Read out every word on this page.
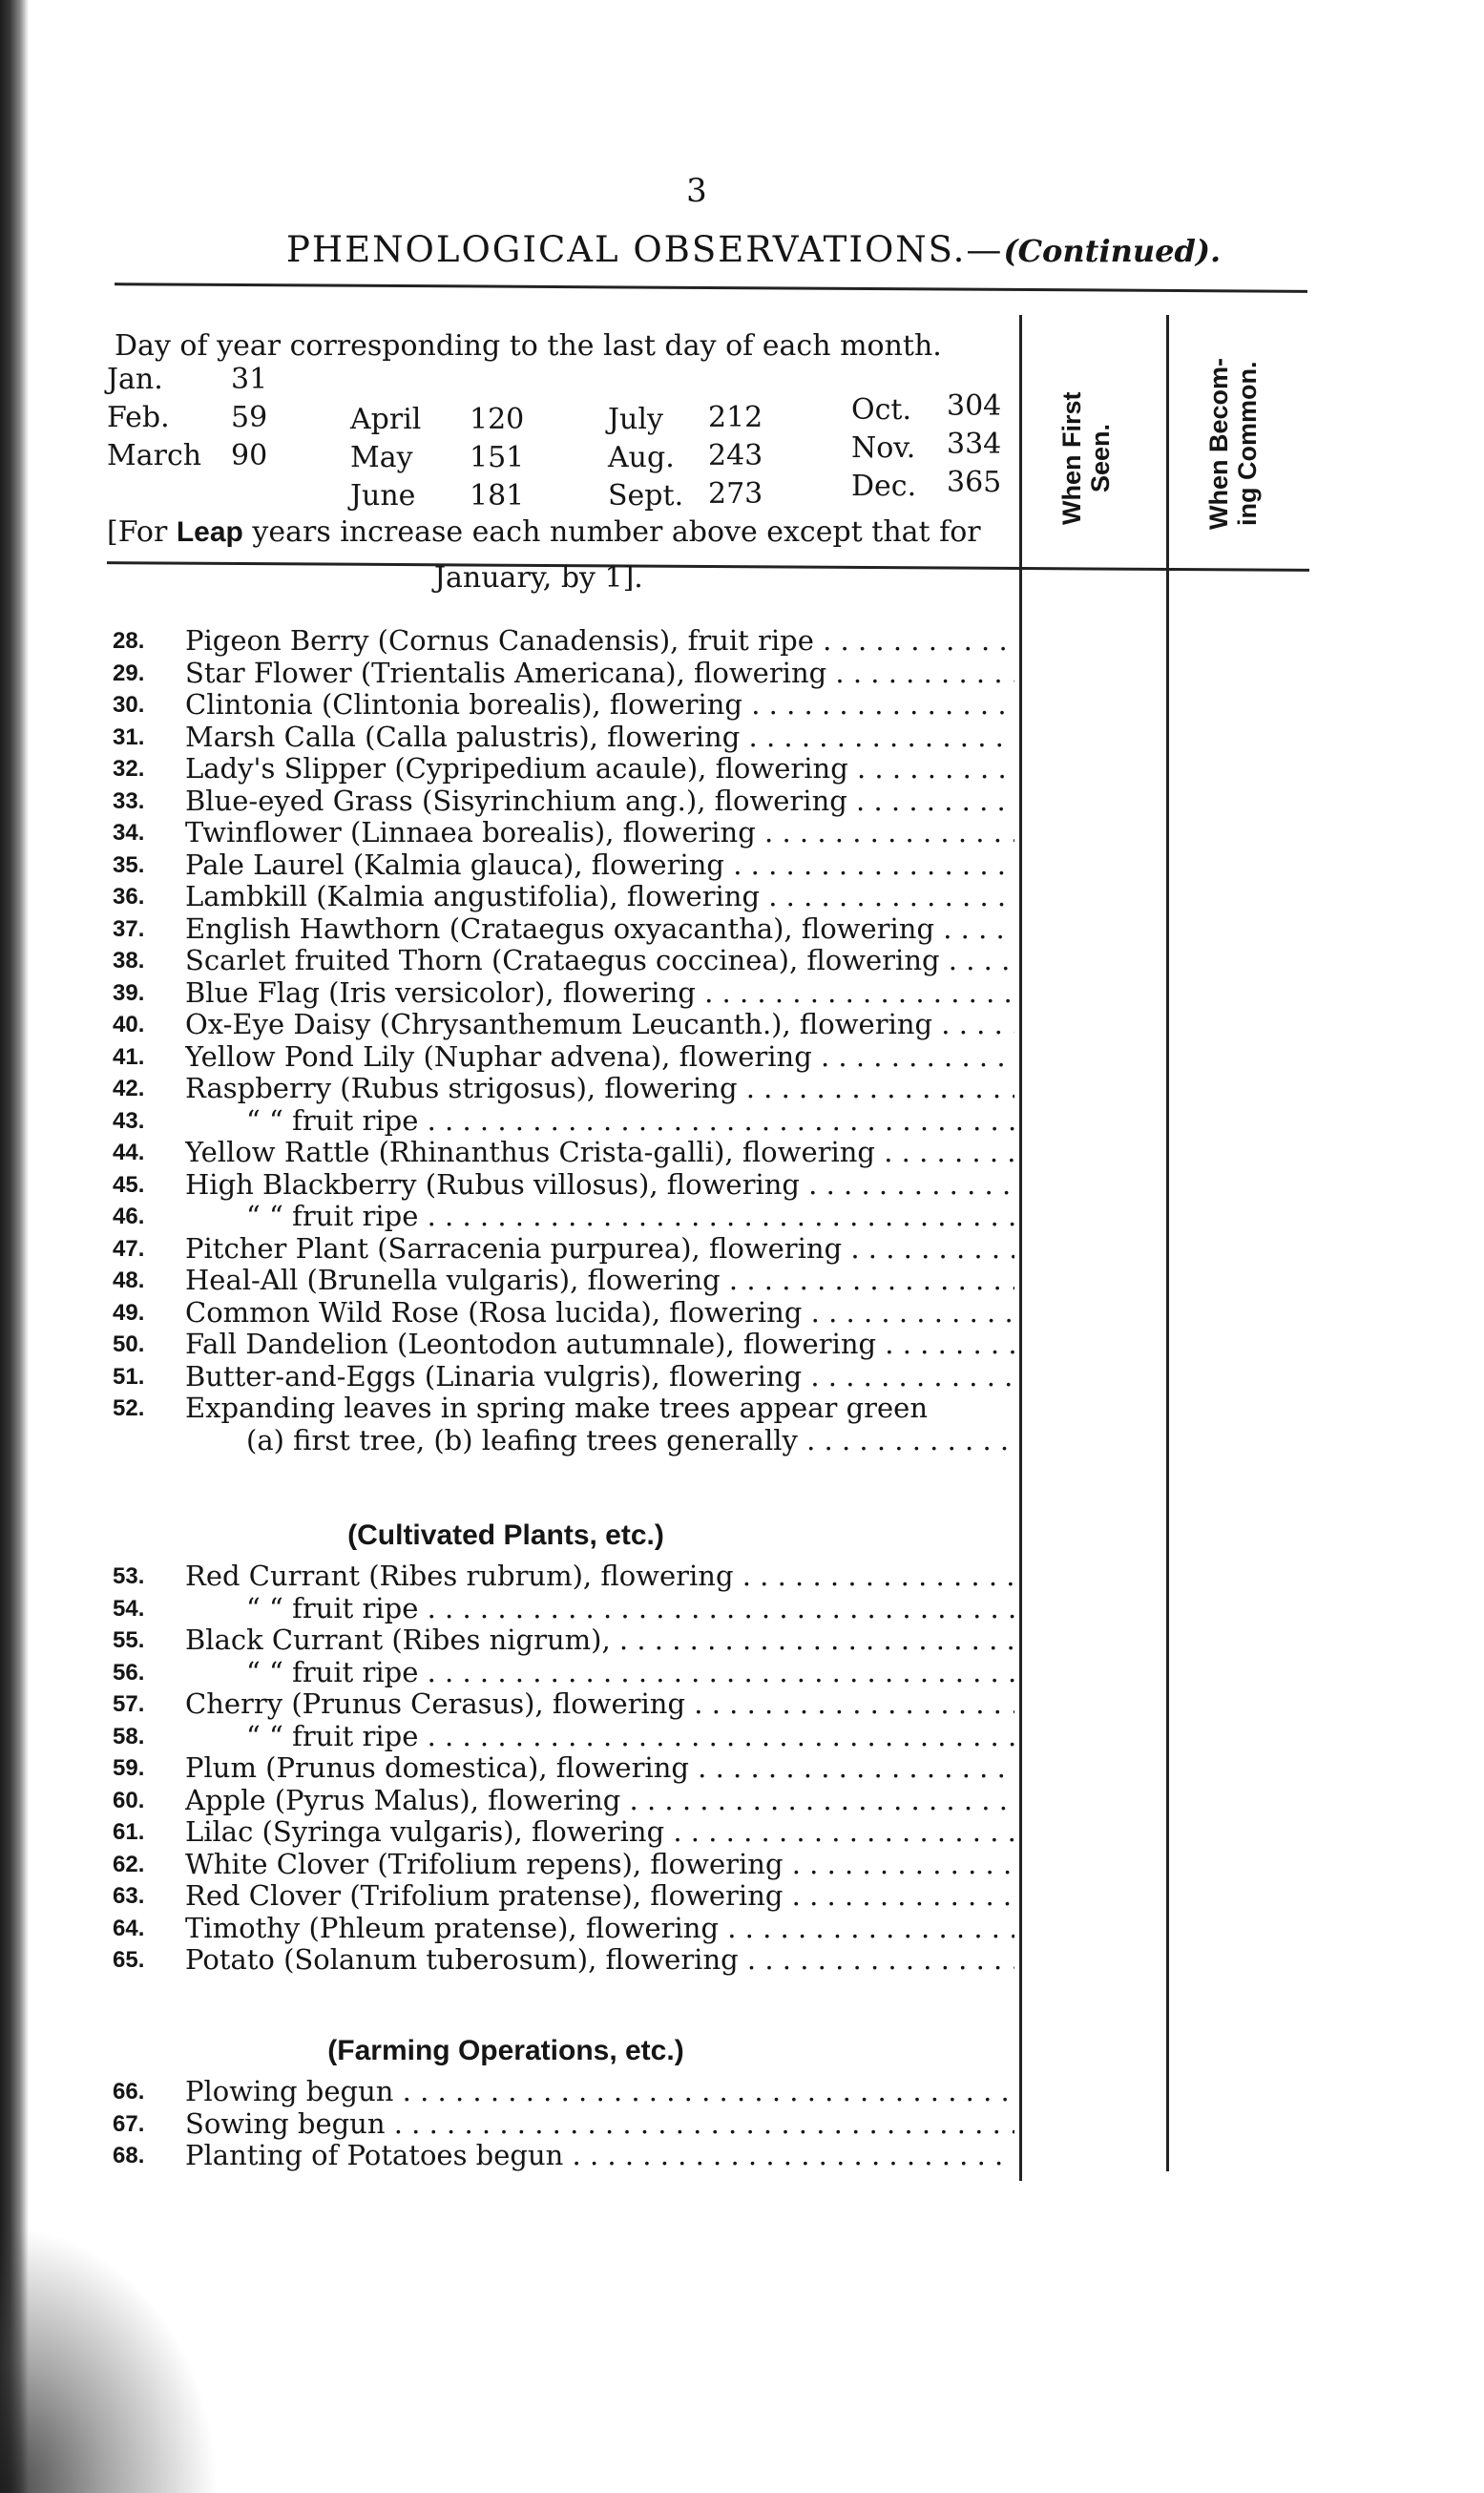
3
PHENOLOGICAL OBSERVATIONS.—(Continued).
When First
Seen.
When Becom-
ing Common.
Day of year corresponding to the last day of each month.
Jan. 31
Feb. 59
March 90
April 120
May 151
June 181
July 212
Aug. 243
Sept. 273
Oct. 304
Nov. 334
Dec. 365
[For Leap years increase each number above except that for
January, by 1].
28.	Pigeon Berry (Cornus Canadensis), fruit ripe . . .
29.	Star Flower (Trientalis Americana), flowering . . .
30.	Clintonia (Clintonia borealis), flowering . . .
31.	Marsh Calla (Calla palustris), flowering . . .
32.	Lady's Slipper (Cypripedium acaule), flowering . . .
33.	Blue-eyed Grass (Sisyrinchium ang.), flowering . . .
34.	Twinflower (Linnaea borealis), flowering . . .
35.	Pale Laurel (Kalmia glauca), flowering . . .
36.	Lambkill (Kalmia angustifolia), flowering . . .
37.	English Hawthorn (Crataegus oxyacantha), flowering . . .
38.	Scarlet fruited Thorn (Crataegus coccinea), flowering . . .
39.	Blue Flag (Iris versicolor), flowering . . .
40.	Ox-Eye Daisy (Chrysanthemum Leucanth.), flowering . . .
41.	Yellow Pond Lily (Nuphar advena), flowering . . .
42.	Raspberry (Rubus strigosus), flowering . . .
43.	“ “ fruit ripe . . .
44.	Yellow Rattle (Rhinanthus Crista-galli), flowering . . .
45.	High Blackberry (Rubus villosus), flowering . . .
46.	“ “ fruit ripe . . .
47.	Pitcher Plant (Sarracenia purpurea), flowering . . .
48.	Heal-All (Brunella vulgaris), flowering . . .
49.	Common Wild Rose (Rosa lucida), flowering . . .
50.	Fall Dandelion (Leontodon autumnale), flowering . . .
51.	Butter-and-Eggs (Linaria vulgris), flowering . . .
52.	Expanding leaves in spring make trees appear green
(a) first tree, (b) leafing trees generally . . .
(Cultivated Plants, etc.)
53.	Red Currant (Ribes rubrum), flowering . . .
54.	“ “ fruit ripe . . .
55.	Black Currant (Ribes nigrum), . . .
56.	“ “ fruit ripe . . .
57.	Cherry (Prunus Cerasus), flowering . . .
58.	“ “ fruit ripe . . .
59.	Plum (Prunus domestica), flowering . . .
60.	Apple (Pyrus Malus), flowering . . .
61.	Lilac (Syringa vulgaris), flowering . . .
62.	White Clover (Trifolium repens), flowering . . .
63.	Red Clover (Trifolium pratense), flowering . . .
64.	Timothy (Phleum pratense), flowering . . .
65.	Potato (Solanum tuberosum), flowering . . .
(Farming Operations, etc.)
66.	Plowing begun . . .
67.	Sowing begun . . .
68.	Planting of Potatoes begun . . .
